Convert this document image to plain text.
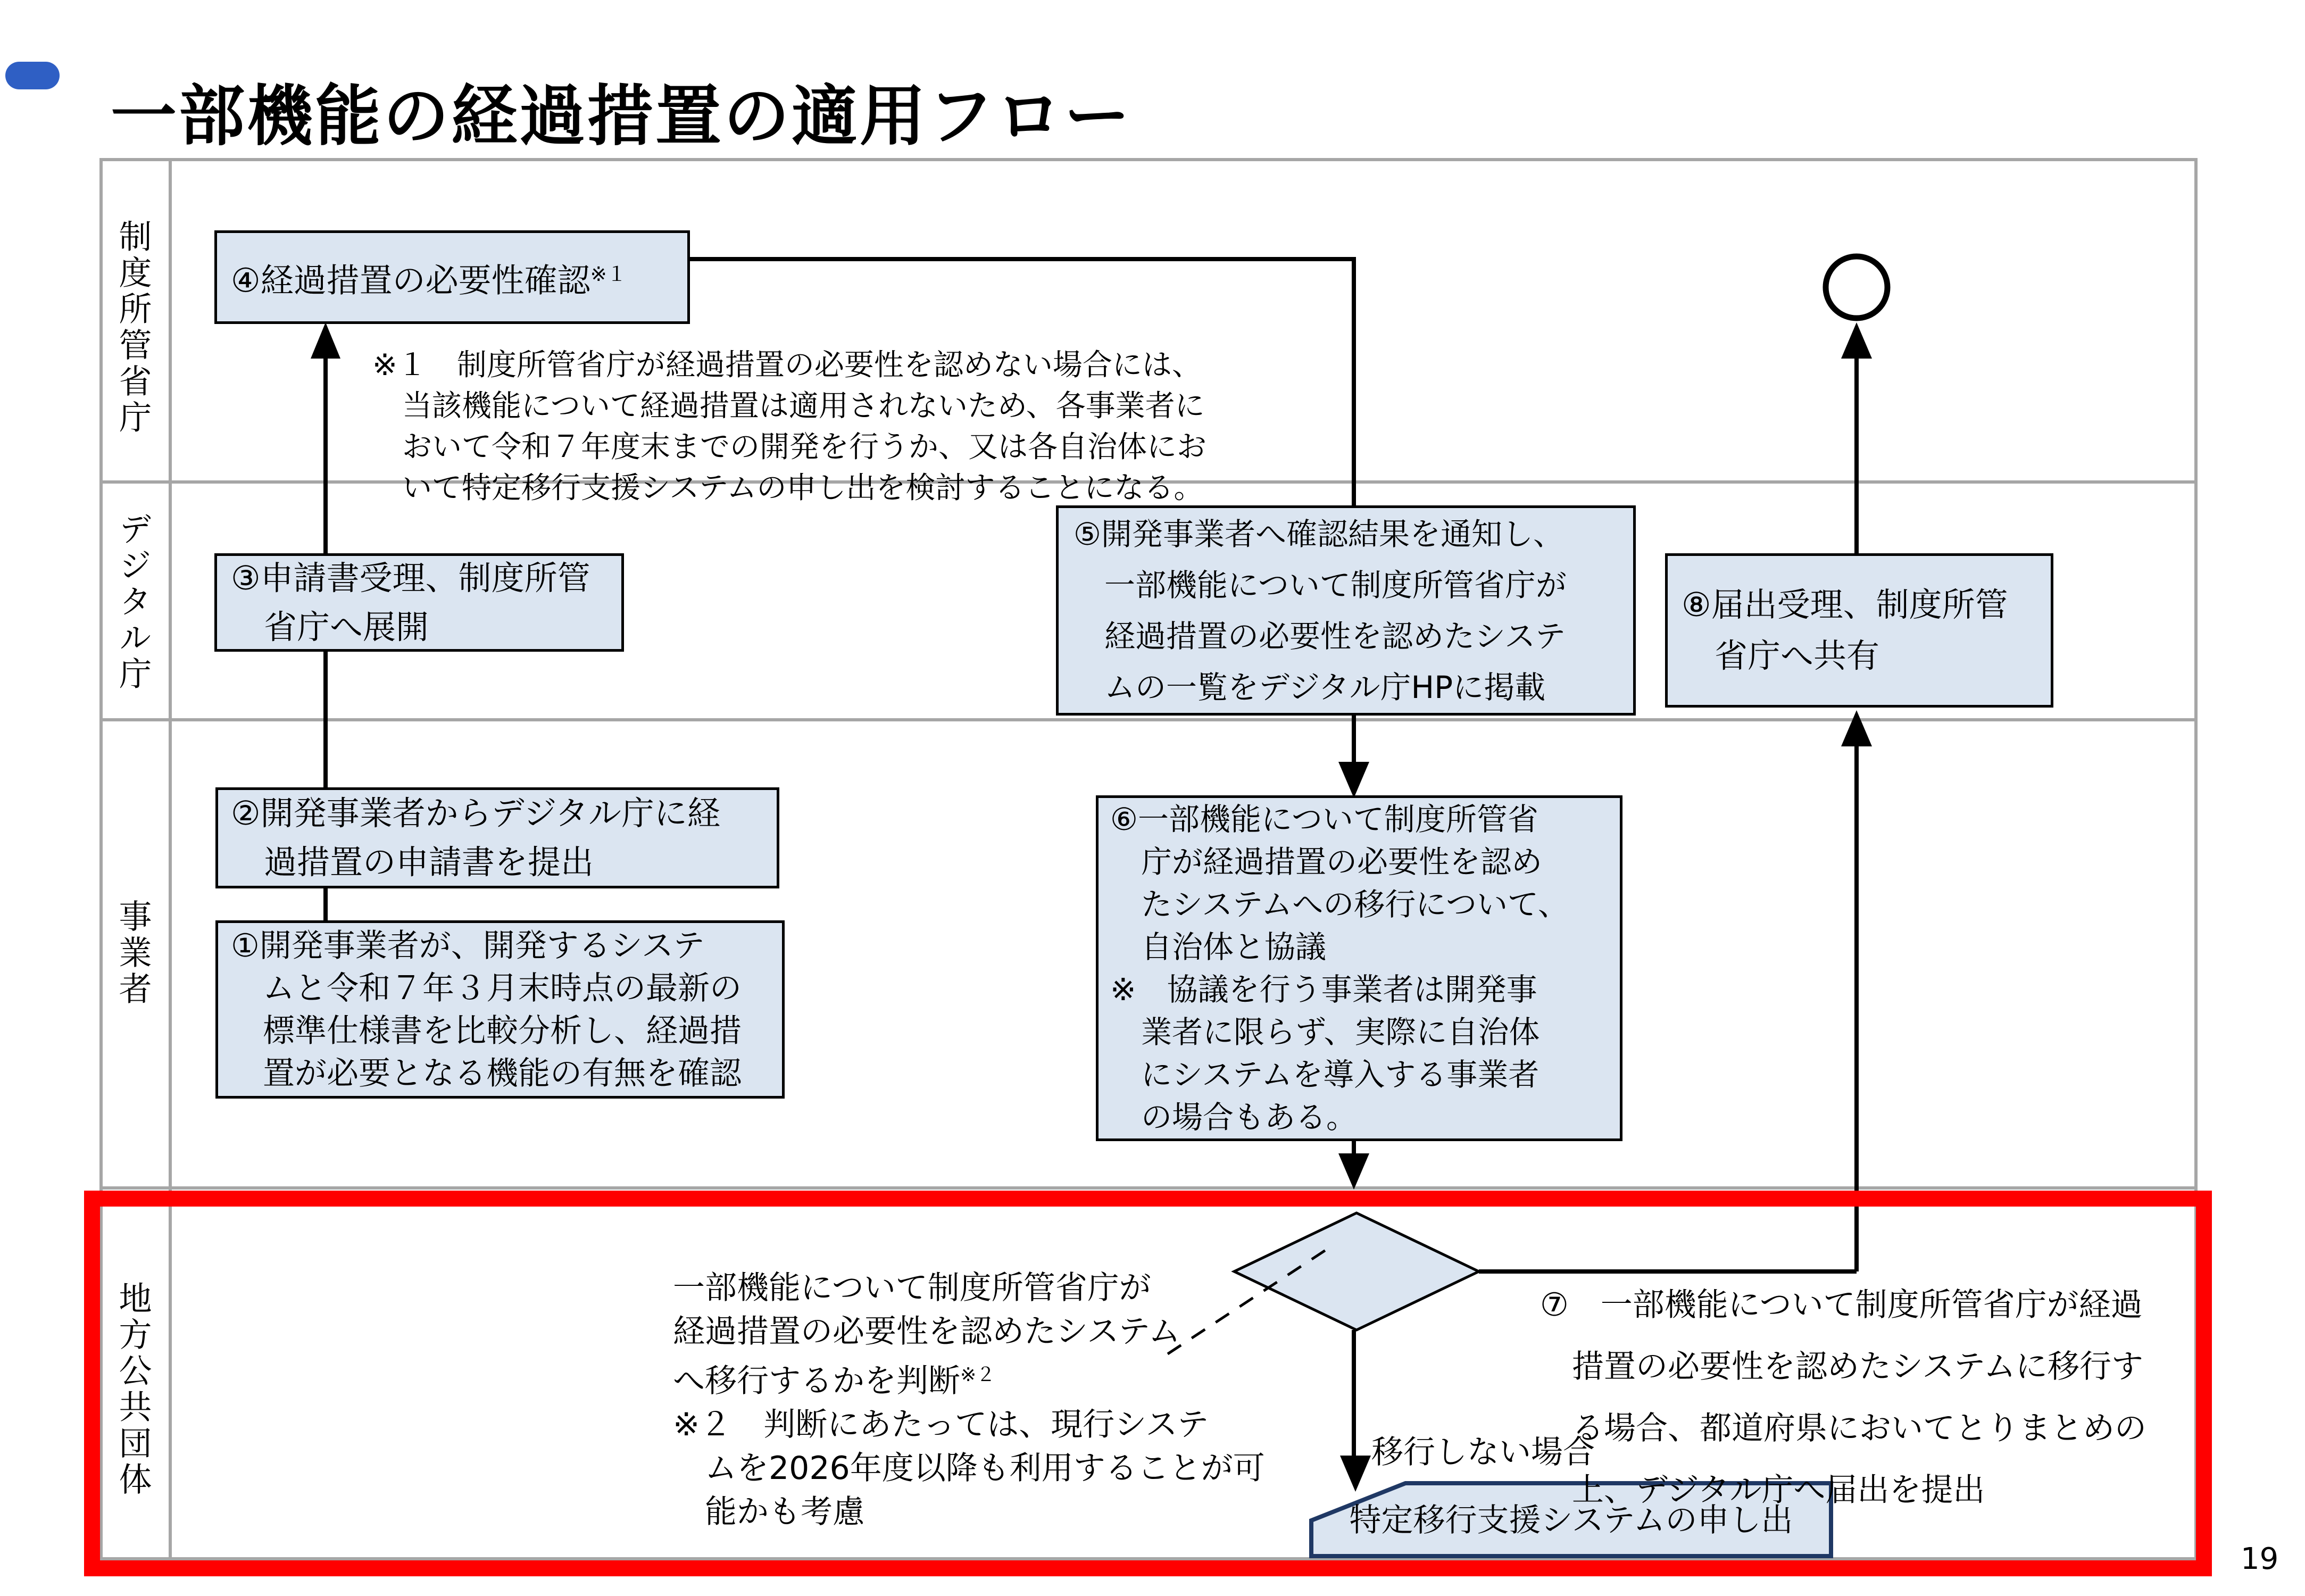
一部機能の経過措置の適用フロー
制度所管省庁
デジタル庁
事業者
地方公共団体
④経過措置の必要性確認$^{※1}$
③申請書受理、制度所管
　省庁へ展開
⑤開発事業者へ確認結果を通知し、
　一部機能について制度所管省庁が
　経過措置の必要性を認めたシステ
　ムの一覧をデジタル庁HPに掲載
⑧届出受理、制度所管
　省庁へ共有
②開発事業者からデジタル庁に経
　過措置の申請書を提出
①開発事業者が、開発するシステ
　ムと令和７年３月末時点の最新の
　標準仕様書を比較分析し、経過措
　置が必要となる機能の有無を確認
⑥一部機能について制度所管省
　庁が経過措置の必要性を認め
　たシステムへの移行について、
　自治体と協議
※　協議を行う事業者は開発事
　業者に限らず、実際に自治体
　にシステムを導入する事業者
　の場合もある。
※１　制度所管省庁が経過措置の必要性を認めない場合には、
　当該機能について経過措置は適用されないため、各事業者に
　おいて令和７年度末までの開発を行うか、又は各自治体にお
　いて特定移行支援システムの申し出を検討することになる。
一部機能について制度所管省庁が
経過措置の必要性を認めたシステム
へ移行するかを判断$^{※2}$
※２　判断にあたっては、現行システ
　ムを2026年度以降も利用することが可
　能かも考慮
⑦　一部機能について制度所管省庁が経過
　措置の必要性を認めたシステムに移行す
　る場合、都道府県においてとりまとめの
　上、デジタル庁へ届出を提出
移行しない場合
特定移行支援システムの申し出
19
